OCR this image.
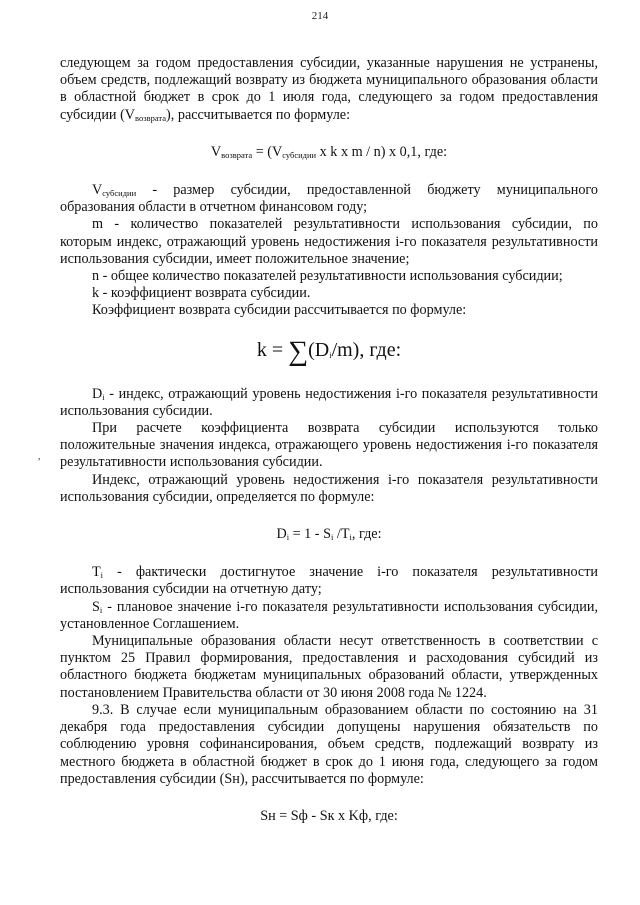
214
,

следующем за годом предоставления субсидии, указанные нарушения не устранены, объем средств, подлежащий возврату из бюджета муниципального образования области в областной бюджет в срок до 1 июля года, следующего за годом предоставления субсидии $(V_{возврата})$, рассчитывается по формуле:

$V_{возврата} = (V_{субсидии}$ x k x m / n) x 0,1, где:

$V_{субсидии}$ - размер субсидии, предоставленной бюджету муниципального образования области в отчетном финансовом году;

m - количество показателей результативности использования субсидии, по которым индекс, отражающий уровень недостижения i-го показателя результативности использования субсидии, имеет положительное значение;

n - общее количество показателей результативности использования субсидии;

k - коэффициент возврата субсидии.

Коэффициент возврата субсидии рассчитывается по формуле:

$k = \sum(D_i/m)$, где:

$D_i$ - индекс, отражающий уровень недостижения i-го показателя результативности использования субсидии.

При расчете коэффициента возврата субсидии используются только положительные значения индекса, отражающего уровень недостижения i-го показателя результативности использования субсидии.

Индекс, отражающий уровень недостижения i-го показателя результативности использования субсидии, определяется по формуле:

$D_i = 1 - S_i$ $/T_i$, где:

$T_i$ - фактически достигнутое значение i-го показателя результативности использования субсидии на отчетную дату;

$S_i$ - плановое значение i-го показателя результативности использования субсидии, установленное Соглашением.

Муниципальные образования области несут ответственность в соответствии с пунктом 25 Правил формирования, предоставления и расходования субсидий из областного бюджета бюджетам муниципальных образований области, утвержденных постановлением Правительства области от 30 июня 2008 года № 1224.

9.3. В случае если муниципальным образованием области по состоянию на 31 декабря года предоставления субсидии допущены нарушения обязательств по соблюдению уровня софинансирования, объем средств, подлежащий возврату из местного бюджета в областной бюджет в срок до 1 июня года, следующего за годом предоставления субсидии (Sн), рассчитывается по формуле:

Sн = Sф - Sк x Kф, где:
